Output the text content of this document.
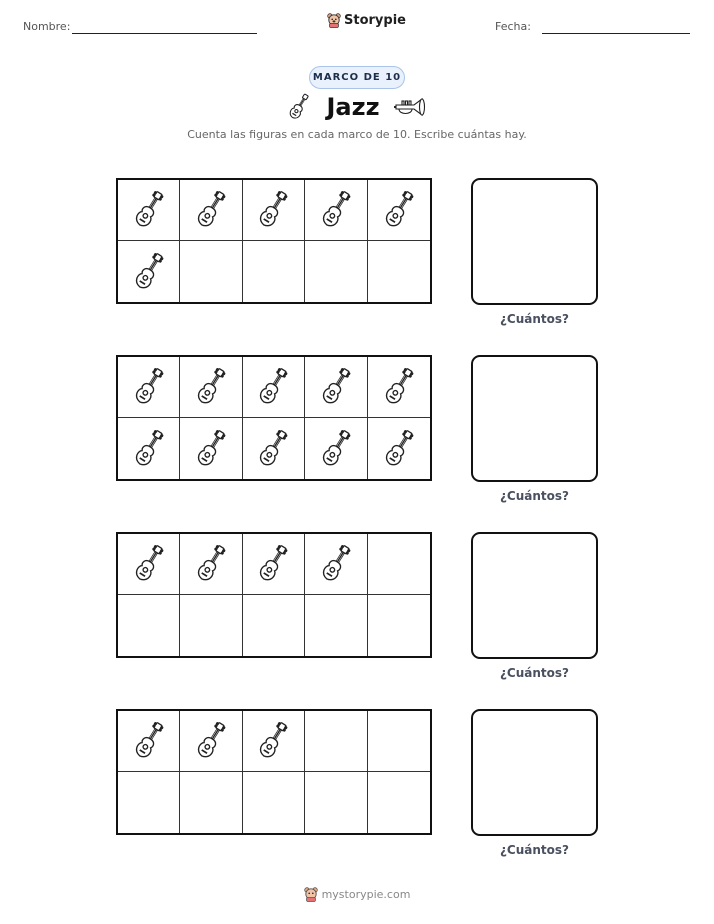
Nombre:	Storypie	Fecha:
MARCO DE 10
Jazz
Cuenta las figuras en cada marco de 10. Escribe cuántas hay.
¿Cuántos?
¿Cuántos?
¿Cuántos?
¿Cuántos?
mystorypie.com
